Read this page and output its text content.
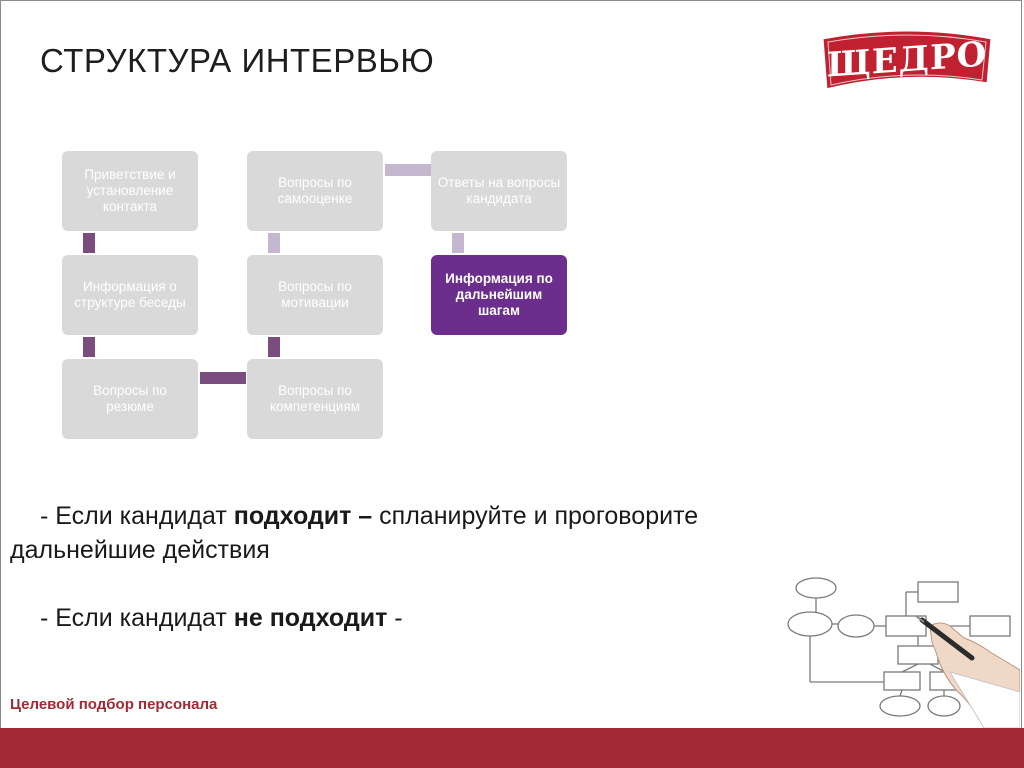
СТРУКТУРА ИНТЕРВЬЮ	ЩЕДРО
Приветствие и установление контакта
Информация о структуре беседы
Вопросы по резюме
Вопросы по компетенциям
Вопросы по мотивации
Вопросы по самооценке
Ответы на вопросы кандидата
Информация по дальнейшим шагам
- Если кандидат подходит – спланируйте и проговорите
дальнейшие действия
- Если кандидат не подходит -
Целевой подбор персонала
